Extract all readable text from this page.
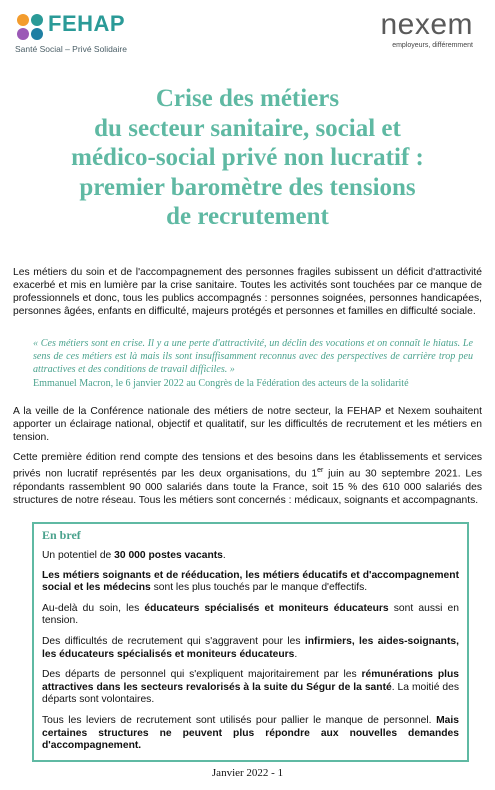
FEHAP
Santé Social – Privé Solidaire
nexem
employeurs, différemment
Crise des métiers
du secteur sanitaire, social et
médico-social privé non lucratif :
premier baromètre des tensions
de recrutement

Les métiers du soin et de l'accompagnement des personnes fragiles subissent un déficit d'attractivité exacerbé et mis en lumière par la crise sanitaire. Toutes les activités sont touchées par ce manque de professionnels et donc, tous les publics accompagnés : personnes soignées, personnes handicapées, personnes âgées, enfants en difficulté, majeurs protégés et personnes et familles en difficulté sociale.

« Ces métiers sont en crise. Il y a une perte d'attractivité, un déclin des vocations et on connaît le hiatus. Le sens de ces métiers est là mais ils sont insuffisamment reconnus avec des perspectives de carrière trop peu attractives et des conditions de travail difficiles. »
Emmanuel Macron, le 6 janvier 2022 au Congrès de la Fédération des acteurs de la solidarité

A la veille de la Conférence nationale des métiers de notre secteur, la FEHAP et Nexem souhaitent apporter un éclairage national, objectif et qualitatif, sur les difficultés de recrutement et les métiers en tension.

Cette première édition rend compte des tensions et des besoins dans les établissements et services privés non lucratif représentés par les deux organisations, du 1er juin au 30 septembre 2021. Les répondants rassemblent 90 000 salariés dans toute la France, soit 15 % des 610 000 salariés des structures de notre réseau. Tous les métiers sont concernés : médicaux, soignants et accompagnants.

En bref

Un potentiel de 30 000 postes vacants.

Les métiers soignants et de rééducation, les métiers éducatifs et d'accompagnement social et les médecins sont les plus touchés par le manque d'effectifs.

Au-delà du soin, les éducateurs spécialisés et moniteurs éducateurs sont aussi en tension.

Des difficultés de recrutement qui s'aggravent pour les infirmiers, les aides-soignants, les éducateurs spécialisés et moniteurs éducateurs.

Des départs de personnel qui s'expliquent majoritairement par les rémunérations plus attractives dans les secteurs revalorisés à la suite du Ségur de la santé. La moitié des départs sont volontaires.

Tous les leviers de recrutement sont utilisés pour pallier le manque de personnel. Mais certaines structures ne peuvent plus répondre aux nouvelles demandes d'accompagnement.

Janvier 2022 - 1
